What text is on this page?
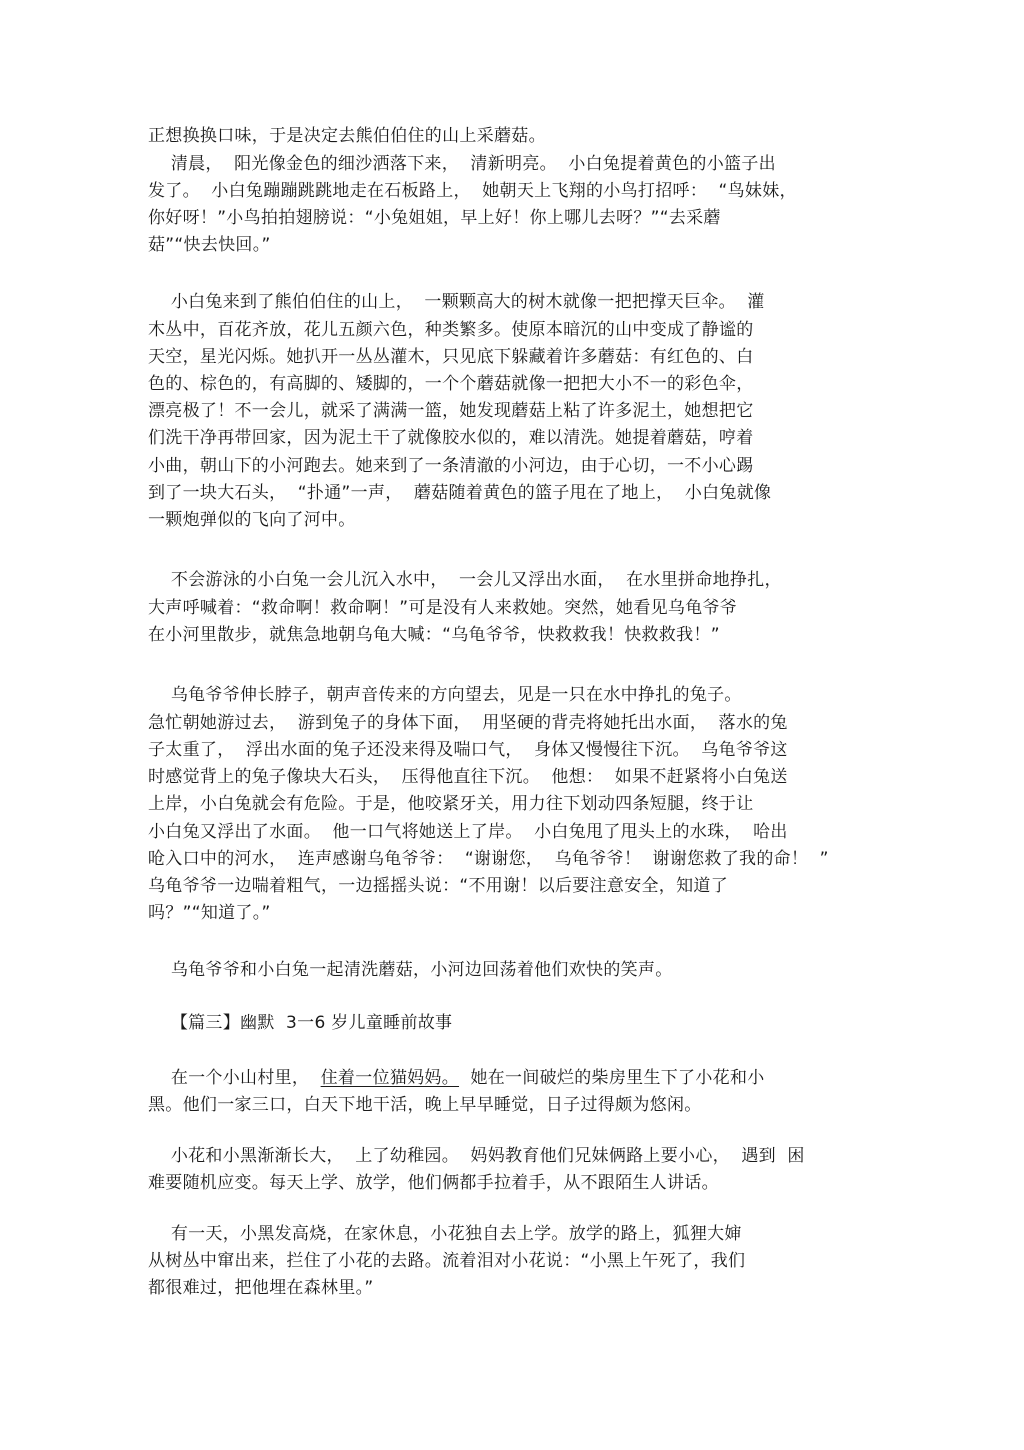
正想换换口味，于是决定去熊伯伯住的山上采蘑菇。
清晨，  阳光像金色的细沙洒落下来，  清新明亮。  小白兔提着黄色的小篮子出
发了。  小白兔蹦蹦跳跳地走在石板路上，  她朝天上飞翔的小鸟打招呼：  “鸟妹妹，
你好呀！”小鸟拍拍翅膀说：“小兔姐姐，早上好！你上哪儿去呀？”“去采蘑
菇”“快去快回。”
小白兔来到了熊伯伯住的山上，  一颗颗高大的树木就像一把把撑天巨伞。  灌
木丛中，百花齐放，花儿五颜六色，种类繁多。使原本暗沉的山中变成了静谧的
天空，星光闪烁。她扒开一丛丛灌木，只见底下躲藏着许多蘑菇：有红色的、白
色的、棕色的，有高脚的、矮脚的，一个个蘑菇就像一把把大小不一的彩色伞，
漂亮极了！不一会儿，就采了满满一篮，她发现蘑菇上粘了许多泥土，她想把它
们洗干净再带回家，因为泥土干了就像胶水似的，难以清洗。她提着蘑菇，哼着
小曲，朝山下的小河跑去。她来到了一条清澈的小河边，由于心切，一不小心踢
到了一块大石头，  “扑通”一声，  蘑菇随着黄色的篮子甩在了地上，  小白兔就像
一颗炮弹似的飞向了河中。
不会游泳的小白兔一会儿沉入水中，  一会儿又浮出水面，  在水里拼命地挣扎，
大声呼喊着：“救命啊！救命啊！”可是没有人来救她。突然，她看见乌龟爷爷
在小河里散步，就焦急地朝乌龟大喊：“乌龟爷爷，快救救我！快救救我！”
乌龟爷爷伸长脖子，朝声音传来的方向望去，见是一只在水中挣扎的兔子。
急忙朝她游过去，  游到兔子的身体下面，  用坚硬的背壳将她托出水面，  落水的兔
子太重了，  浮出水面的兔子还没来得及喘口气，  身体又慢慢往下沉。  乌龟爷爷这
时感觉背上的兔子像块大石头，  压得他直往下沉。  他想：  如果不赶紧将小白兔送
上岸，小白兔就会有危险。于是，他咬紧牙关，用力往下划动四条短腿，终于让
小白兔又浮出了水面。  他一口气将她送上了岸。  小白兔甩了甩头上的水珠，  哈出
呛入口中的河水，  连声感谢乌龟爷爷：  “谢谢您，  乌龟爷爷！  谢谢您救了我的命！  ”
乌龟爷爷一边喘着粗气，一边摇摇头说：“不用谢！以后要注意安全，知道了
吗？”“知道了。”
乌龟爷爷和小白兔一起清洗蘑菇，小河边回荡着他们欢快的笑声。
【篇三】幽默  3一6 岁儿童睡前故事
在一个小山村里，  住着一位猫妈妈。  她在一间破烂的柴房里生下了小花和小
黑。他们一家三口，白天下地干活，晚上早早睡觉，日子过得颇为悠闲。
小花和小黑渐渐长大，  上了幼稚园。  妈妈教育他们兄妹俩路上要小心，  遇到  困
难要随机应变。每天上学、放学，他们俩都手拉着手，从不跟陌生人讲话。
有一天，小黑发高烧，在家休息，小花独自去上学。放学的路上，狐狸大婶
从树丛中窜出来，拦住了小花的去路。流着泪对小花说：“小黑上午死了，我们
都很难过，把他埋在森林里。”
